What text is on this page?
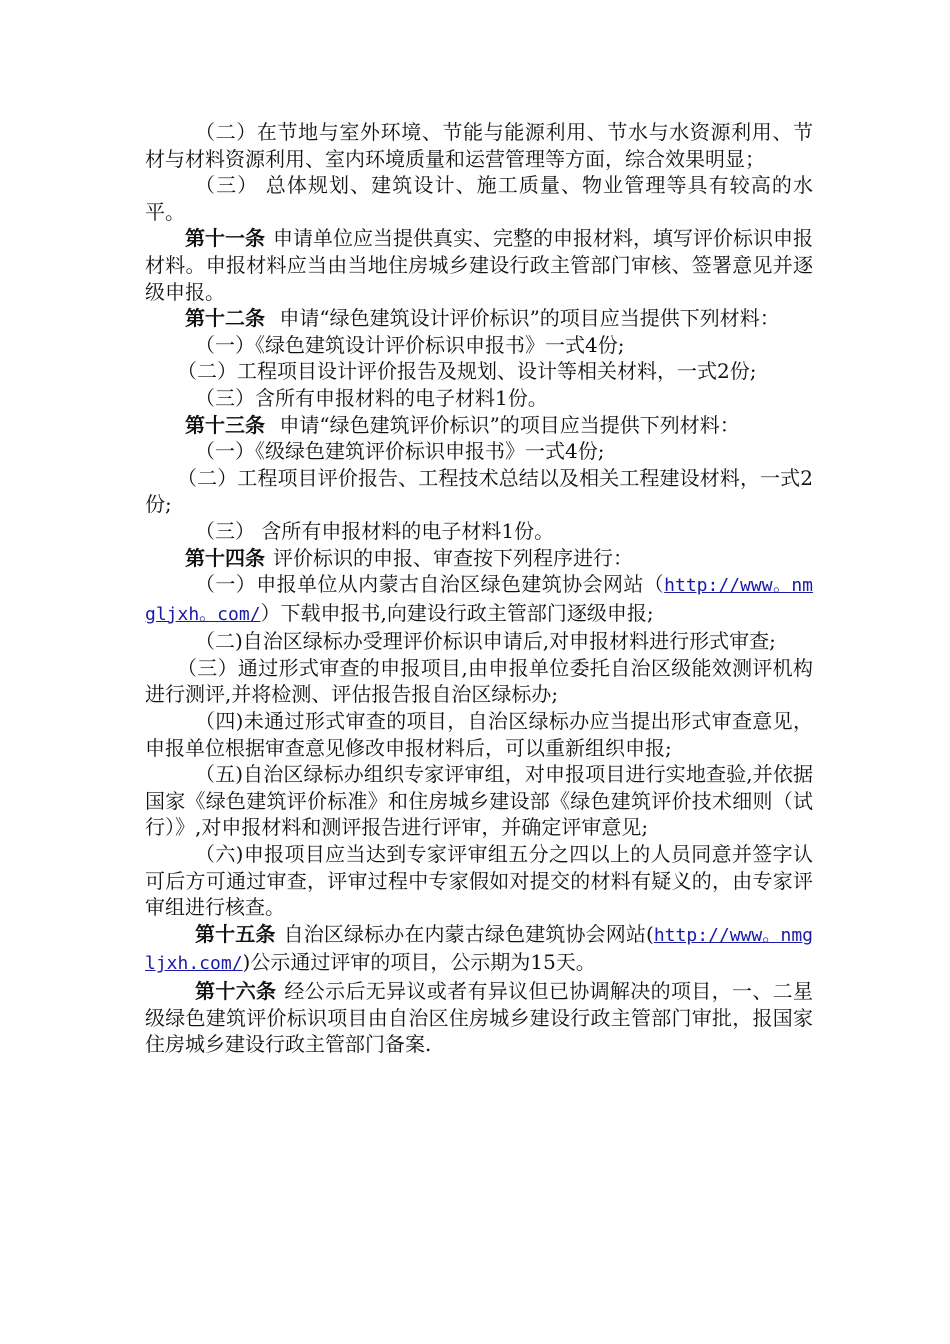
（二）在节地与室外环境、节能与能源利用、节水与水资源利用、节材与材料资源利用、室内环境质量和运营管理等方面，综合效果明显；

（三） 总体规划、建筑设计、施工质量、物业管理等具有较高的水平。

第十一条 申请单位应当提供真实、完整的申报材料，填写评价标识申报材料。申报材料应当由当地住房城乡建设行政主管部门审核、签署意见并逐级申报。

第十二条 申请“绿色建筑设计评价标识”的项目应当提供下列材料：

（一）《绿色建筑设计评价标识申报书》一式4份;

（二）工程项目设计评价报告及规划、设计等相关材料，一式2份;

（三）含所有申报材料的电子材料1份。

第十三条 申请“绿色建筑评价标识”的项目应当提供下列材料：

（一）《级绿色建筑评价标识申报书》一式4份;

（二）工程项目评价报告、工程技术总结以及相关工程建设材料，一式2份;

（三） 含所有申报材料的电子材料1份。

第十四条 评价标识的申报、审查按下列程序进行：

（一）申报单位从内蒙古自治区绿色建筑协会网站（http://www。nmgljxh。com/）下载申报书,向建设行政主管部门逐级申报;

（二)自治区绿标办受理评价标识申请后,对申报材料进行形式审查;

（三）通过形式审查的申报项目,由申报单位委托自治区级能效测评机构进行测评,并将检测、评估报告报自治区绿标办;

（四)未通过形式审查的项目，自治区绿标办应当提出形式审查意见，申报单位根据审查意见修改申报材料后，可以重新组织申报;

（五)自治区绿标办组织专家评审组，对申报项目进行实地查验,并依据国家《绿色建筑评价标准》和住房城乡建设部《绿色建筑评价技术细则（试行）》,对申报材料和测评报告进行评审，并确定评审意见;

（六)申报项目应当达到专家评审组五分之四以上的人员同意并签字认可后方可通过审查，评审过程中专家假如对提交的材料有疑义的，由专家评审组进行核查。

第十五条 自治区绿标办在内蒙古绿色建筑协会网站(http://www。nmgljxh.com/)公示通过评审的项目，公示期为15天。

第十六条 经公示后无异议或者有异议但已协调解决的项目，一、二星级绿色建筑评价标识项目由自治区住房城乡建设行政主管部门审批，报国家住房城乡建设行政主管部门备案.
